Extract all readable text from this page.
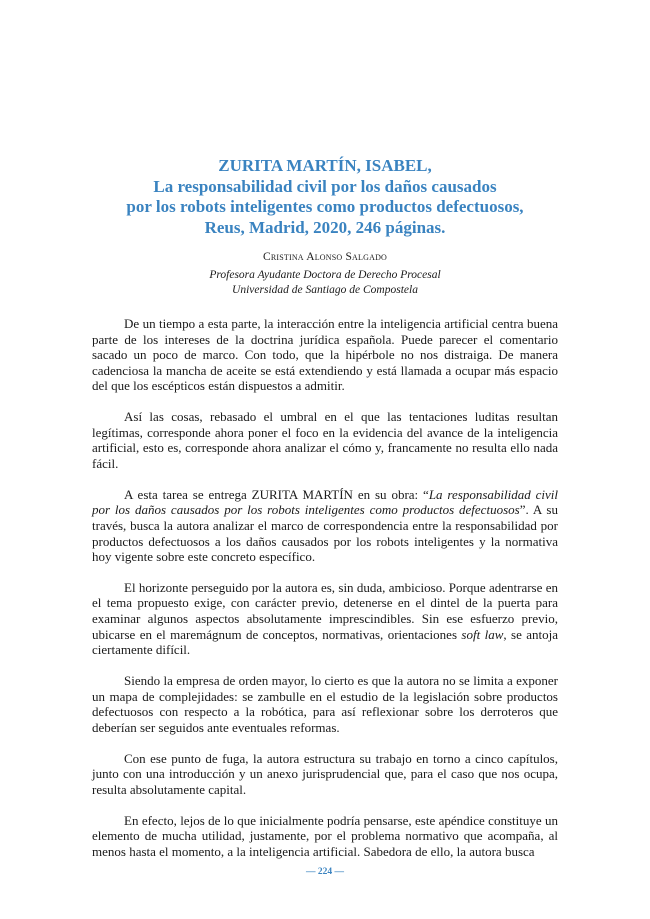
ZURITA MARTÍN, ISABEL,
La responsabilidad civil por los daños causados
por los robots inteligentes como productos defectuosos,
Reus, Madrid, 2020, 246 páginas.
Cristina Alonso Salgado
Profesora Ayudante Doctora de Derecho Procesal
Universidad de Santiago de Compostela

De un tiempo a esta parte, la interacción entre la inteligencia artificial centra buena parte de los intereses de la doctrina jurídica española. Puede parecer el comentario sacado un poco de marco. Con todo, que la hipérbole no nos distraiga. De manera cadenciosa la mancha de aceite se está extendiendo y está llamada a ocupar más espacio del que los escépticos están dispuestos a admitir.

Así las cosas, rebasado el umbral en el que las tentaciones luditas resultan legítimas, corresponde ahora poner el foco en la evidencia del avance de la inteligencia artificial, esto es, corresponde ahora analizar el cómo y, francamente no resulta ello nada fácil.

A esta tarea se entrega ZURITA MARTÍN en su obra: “La responsabilidad civil por los daños causados por los robots inteligentes como productos defectuosos”. A su través, busca la autora analizar el marco de correspondencia entre la responsabilidad por productos defectuosos a los daños causados por los robots inteligentes y la normativa hoy vigente sobre este concreto específico.

El horizonte perseguido por la autora es, sin duda, ambicioso. Porque adentrarse en el tema propuesto exige, con carácter previo, detenerse en el dintel de la puerta para examinar algunos aspectos absolutamente imprescindibles. Sin ese esfuerzo previo, ubicarse en el maremágnum de conceptos, normativas, orientaciones soft law, se antoja ciertamente difícil.

Siendo la empresa de orden mayor, lo cierto es que la autora no se limita a exponer un mapa de complejidades: se zambulle en el estudio de la legislación sobre productos defectuosos con respecto a la robótica, para así reflexionar sobre los derroteros que deberían ser seguidos ante eventuales reformas.

Con ese punto de fuga, la autora estructura su trabajo en torno a cinco capítulos, junto con una introducción y un anexo jurisprudencial que, para el caso que nos ocupa, resulta absolutamente capital.

En efecto, lejos de lo que inicialmente podría pensarse, este apéndice constituye un elemento de mucha utilidad, justamente, por el problema normativo que acompaña, al menos hasta el momento, a la inteligencia artificial. Sabedora de ello, la autora busca

— 224 —
